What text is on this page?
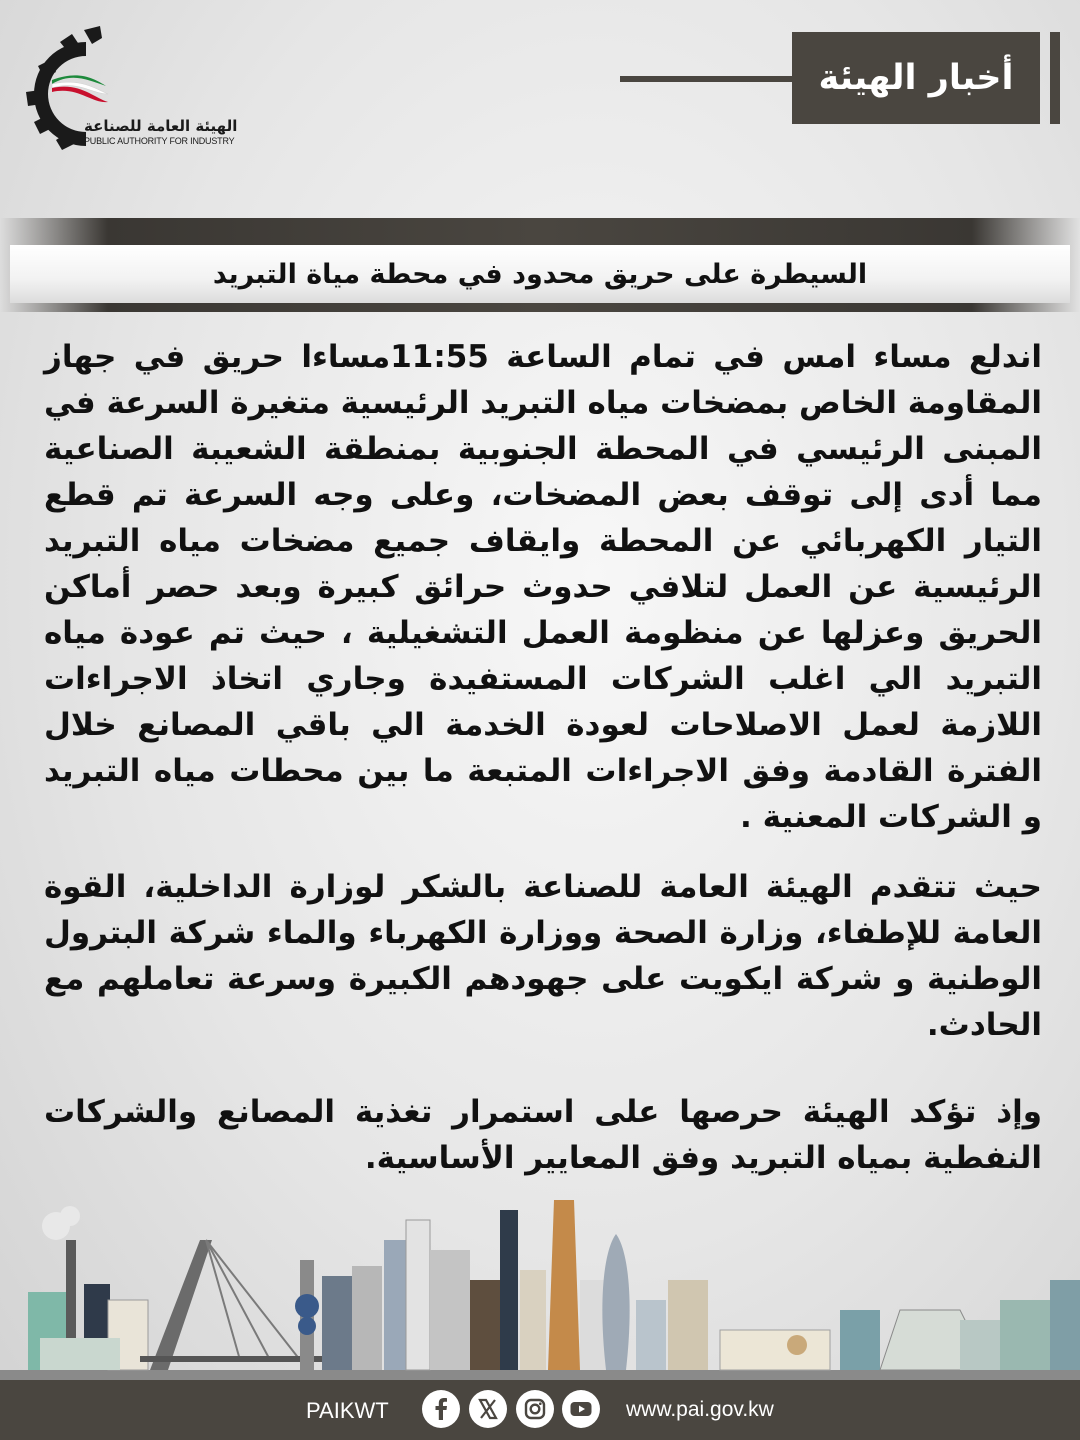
الهيئة العامة للصناعة
PUBLIC AUTHORITY FOR INDUSTRY
أخبار الهيئة
السيطرة على حريق محدود في محطة مياة التبريد
اندلع مساء امس في تمام الساعة 11:55مساءا حريق في جهاز المقاومة الخاص بمضخات مياه التبريد الرئيسية متغيرة السرعة في المبنى الرئيسي في المحطة الجنوبية بمنطقة الشعيبة الصناعية مما أدى إلى توقف بعض المضخات، وعلى وجه السرعة تم قطع التيار الكهربائي عن المحطة وايقاف جميع مضخات مياه التبريد الرئيسية عن العمل لتلافي حدوث حرائق كبيرة وبعد حصر أماكن الحريق وعزلها عن منظومة العمل التشغيلية ، حيث تم عودة مياه التبريد الي اغلب الشركات المستفيدة وجاري اتخاذ الاجراءات اللازمة لعمل الاصلاحات لعودة الخدمة الي باقي المصانع خلال الفترة القادمة وفق الاجراءات المتبعة ما بين محطات مياه التبريد و الشركات المعنية .
حيث تتقدم الهيئة العامة للصناعة بالشكر لوزارة الداخلية، القوة العامة للإطفاء، وزارة الصحة ووزارة الكهرباء والماء شركة البترول الوطنية و شركة ايكويت على جهودهم الكبيرة وسرعة تعاملهم مع الحادث.
وإذ تؤكد الهيئة حرصها على استمرار تغذية المصانع والشركات النفطية بمياه التبريد وفق المعايير الأساسية.
PAIKWT	www.pai.gov.kw
